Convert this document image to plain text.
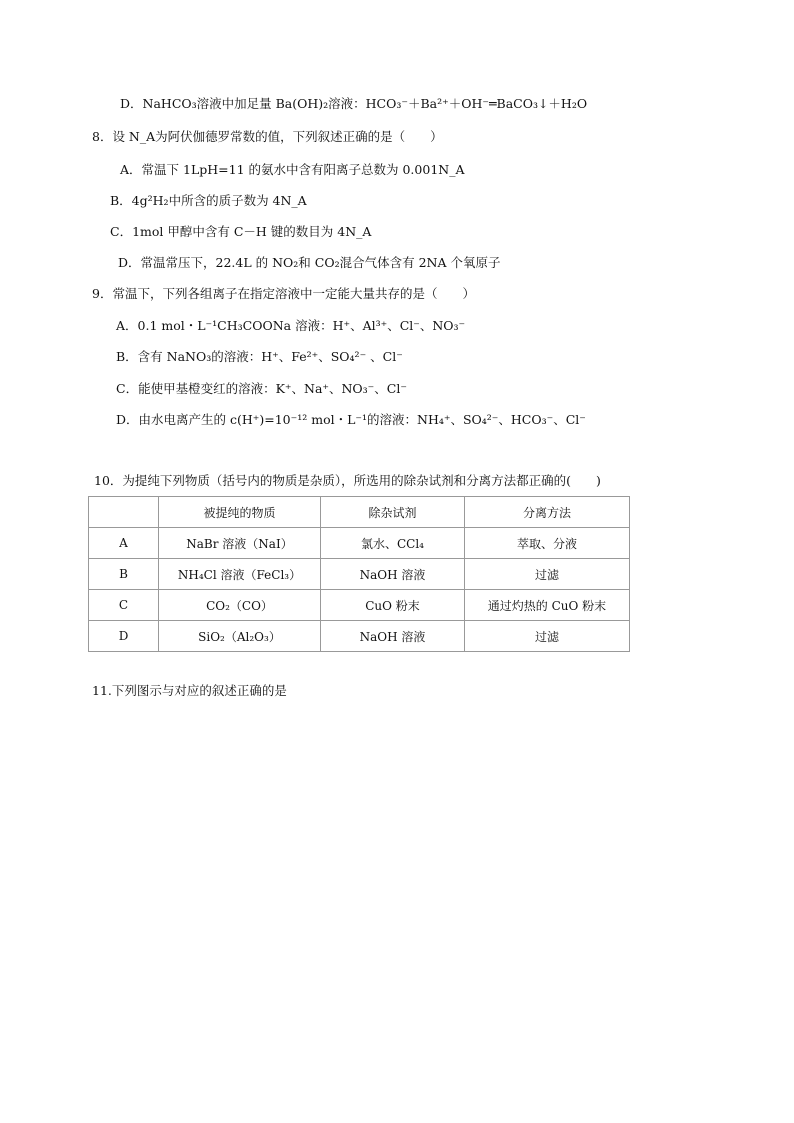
D．NaHCO₃溶液中加足量 Ba(OH)₂溶液：HCO₃⁻＋Ba²⁺＋OH⁻═BaCO₃↓＋H₂O
8．设 N_A为阿伏伽德罗常数的值，下列叙述正确的是（　　）
A．常温下 1LpH=11 的氨水中含有阳离子总数为 0.001N_A
B．4g²H₂中所含的质子数为 4N_A
C．1mol 甲醇中含有 C－H 键的数目为 4N_A
D．常温常压下，22.4L 的 NO₂和 CO₂混合气体含有 2NA 个氧原子
9．常温下，下列各组离子在指定溶液中一定能大量共存的是（　　）
A．0.1 mol・L⁻¹CH₃COONa 溶液：H⁺、Al³⁺、Cl⁻、NO₃⁻
B．含有 NaNO₃的溶液：H⁺、Fe²⁺、SO₄²⁻ 、Cl⁻
C．能使甲基橙变红的溶液：K⁺、Na⁺、NO₃⁻、Cl⁻
D．由水电离产生的 c(H⁺)=10⁻¹² mol・L⁻¹的溶液：NH₄⁺、SO₄²⁻、HCO₃⁻、Cl⁻
10．为提纯下列物质（括号内的物质是杂质），所选用的除杂试剂和分离方法都正确的(　　)
	被提纯的物质	除杂试剂	分离方法
A	NaBr 溶液（NaI）	氯水、CCl₄	萃取、分液
B	NH₄Cl 溶液（FeCl₃）	NaOH 溶液	过滤
C	CO₂（CO）	CuO 粉末	通过灼热的 CuO 粉末
D	SiO₂（Al₂O₃）	NaOH 溶液	过滤
11.下列图示与对应的叙述正确的是
